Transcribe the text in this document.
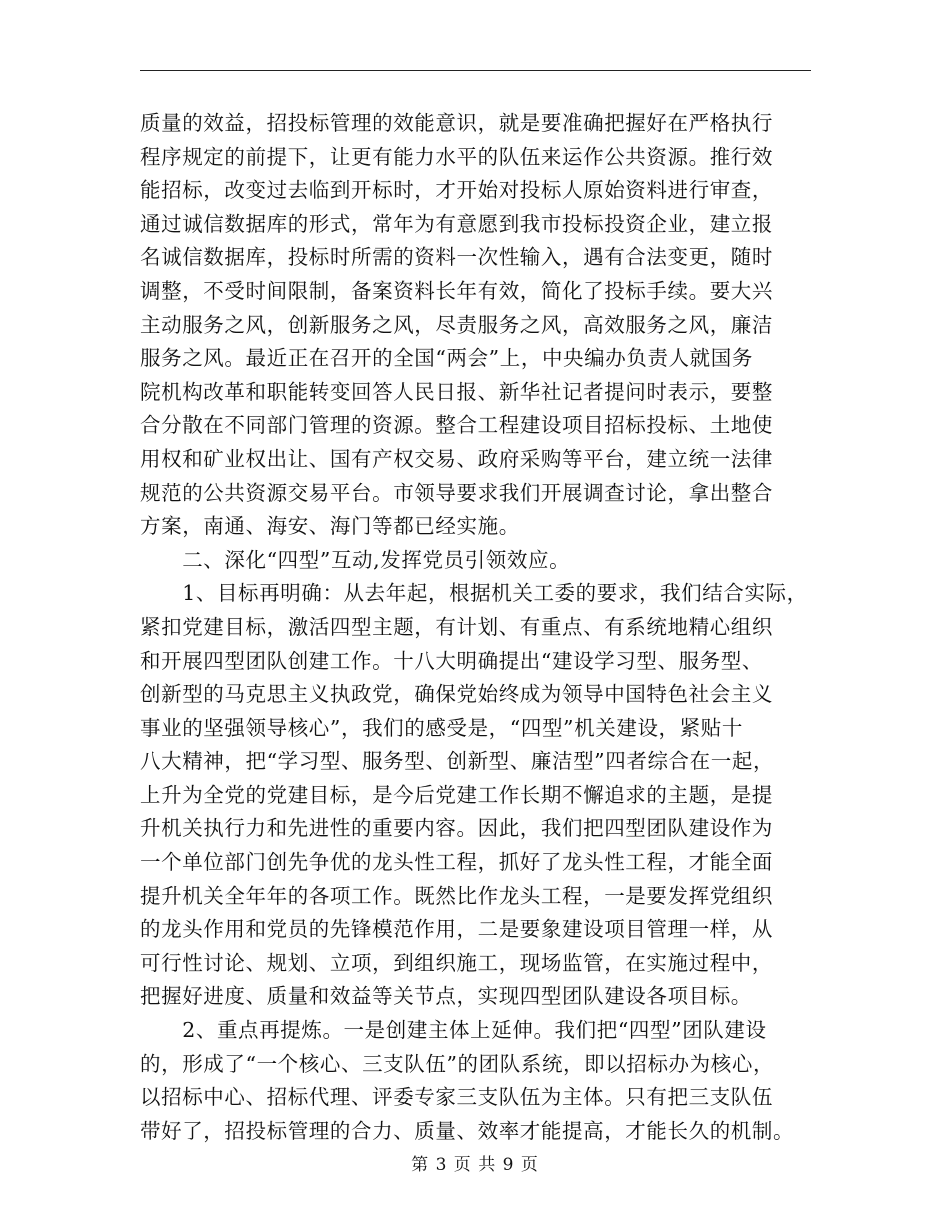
质量的效益，招投标管理的效能意识，就是要准确把握好在严格执行
程序规定的前提下，让更有能力水平的队伍来运作公共资源。推行效
能招标，改变过去临到开标时，才开始对投标人原始资料进行审查，
通过诚信数据库的形式，常年为有意愿到我市投标投资企业，建立报
名诚信数据库，投标时所需的资料一次性输入，遇有合法变更，随时
调整，不受时间限制，备案资料长年有效，简化了投标手续。要大兴
主动服务之风，创新服务之风，尽责服务之风，高效服务之风，廉洁
服务之风。最近正在召开的全国“两会”上，中央编办负责人就国务
院机构改革和职能转变回答人民日报、新华社记者提问时表示，要整
合分散在不同部门管理的资源。整合工程建设项目招标投标、土地使
用权和矿业权出让、国有产权交易、政府采购等平台，建立统一法律
规范的公共资源交易平台。市领导要求我们开展调查讨论，拿出整合
方案，南通、海安、海门等都已经实施。
　　二、深化“四型”互动,发挥党员引领效应。
　　1、目标再明确：从去年起，根据机关工委的要求，我们结合实际，
紧扣党建目标，激活四型主题，有计划、有重点、有系统地精心组织
和开展四型团队创建工作。十八大明确提出“建设学习型、服务型、
创新型的马克思主义执政党，确保党始终成为领导中国特色社会主义
事业的坚强领导核心”，我们的感受是，“四型”机关建设，紧贴十
八大精神，把“学习型、服务型、创新型、廉洁型”四者综合在一起，
上升为全党的党建目标，是今后党建工作长期不懈追求的主题，是提
升机关执行力和先进性的重要内容。因此，我们把四型团队建设作为
一个单位部门创先争优的龙头性工程，抓好了龙头性工程，才能全面
提升机关全年年的各项工作。既然比作龙头工程，一是要发挥党组织
的龙头作用和党员的先锋模范作用，二是要象建设项目管理一样，从
可行性讨论、规划、立项，到组织施工，现场监管，在实施过程中，
把握好进度、质量和效益等关节点，实现四型团队建设各项目标。
　　2、重点再提炼。一是创建主体上延伸。我们把“四型”团队建设
的，形成了“一个核心、三支队伍”的团队系统，即以招标办为核心，
以招标中心、招标代理、评委专家三支队伍为主体。只有把三支队伍
带好了，招投标管理的合力、质量、效率才能提高，才能长久的机制。
第 3 页 共 9 页
